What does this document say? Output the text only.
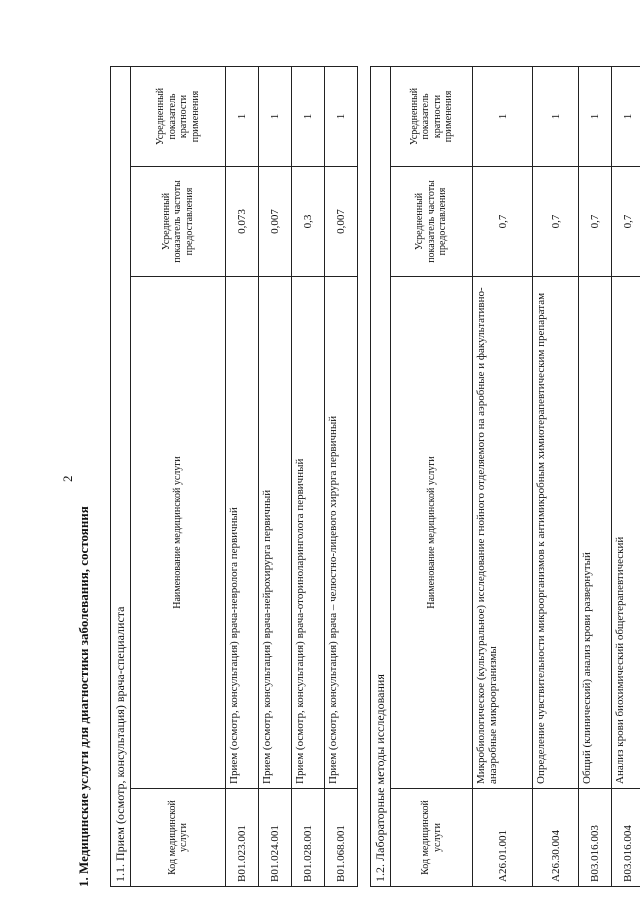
2
1. Медицинские услуги для диагностики заболевания, состояния 1.1. Прием (осмотр, консультация) врача-специалиста			
Код медицинской услуги	Наименование медицинской услуги	Усредненный показатель частоты предоставления	Усредненный показатель кратности применения
B01.023.001	Прием (осмотр, консультация) врача-невролога первичный	0,073	1
B01.024.001	Прием (осмотр, консультация) врача-нейрохирурга первичный	0,007	1
B01.028.001	Прием (осмотр, консультация) врача-оториноларинголога первичный	0,3	1
B01.068.001	Прием (осмотр, консультация) врача – челюстно-лицевого хирурга первичный	0,007	1
1.2. Лабораторные методы исследования			
Код медицинской услуги	Наименование медицинской услуги	Усредненный показатель частоты предоставления	Усредненный показатель кратности применения
A26.01.001	Микробиологическое (культуральное) исследование гнойного отделяемого на аэробные и факультативно-анаэробные микроорганизмы	0,7	1
A26.30.004	Определение чувствительности микроорганизмов к антимикробным химиотерапевтическим препаратам	0,7	1
B03.016.003	Общий (клинический) анализ крови развернутый	0,7	1
B03.016.004	Анализ крови биохимический общетерапевтический	0,7	1
